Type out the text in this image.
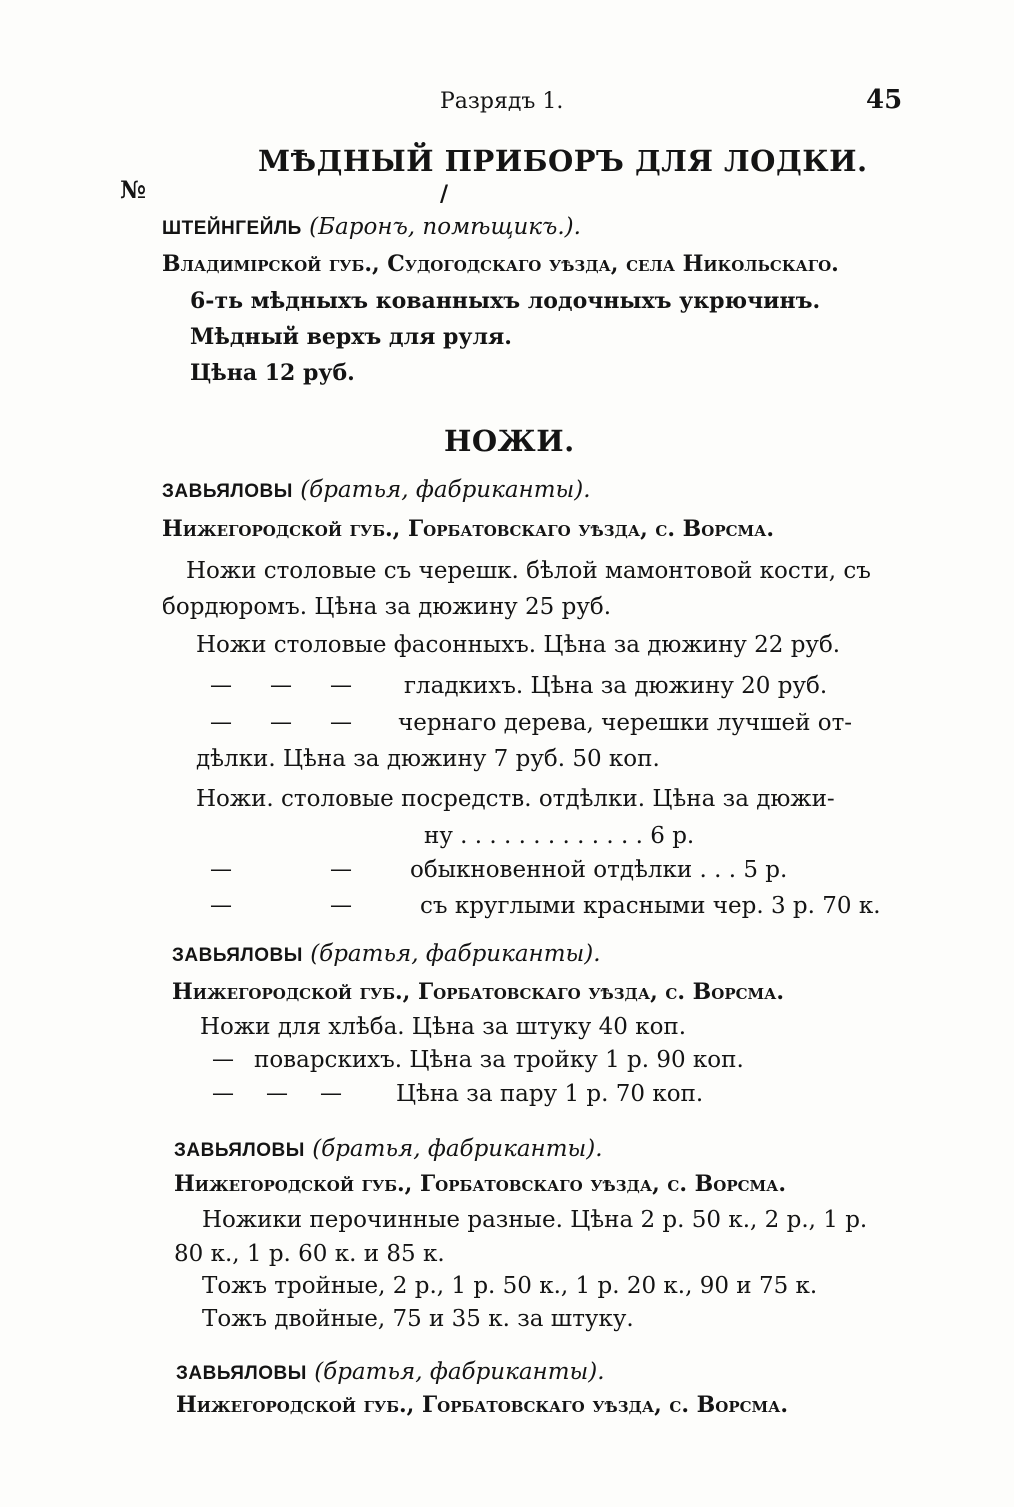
Разрядъ 1.	45
МѢДНЫЙ ПРИБОРЪ ДЛЯ ЛОДКИ.
№	/
ШТЕЙНГЕЙЛЬ (Баронъ, помѣщикъ.).
Владимірской губ., Судогодскаго уѣзда, села Никольскаго.
6-ть мѣдныхъ кованныхъ лодочныхъ укрючинъ.
Мѣдный верхъ для руля.
Цѣна 12 руб.
НОЖИ.
ЗАВЬЯЛОВЫ (братья, фабриканты).
Нижегородской губ., Горбатовскаго уѣзда, с. Ворсма.
Ножи столовые съ черешк. бѣлой мамонтовой кости, съ
бордюромъ. Цѣна за дюжину 25 руб.
Ножи столовые фасонныхъ. Цѣна за дюжину 22 руб.
— — —	гладкихъ. Цѣна за дюжину 20 руб.
— — —	чернаго дерева, черешки лучшей от-
дѣлки. Цѣна за дюжину 7 руб. 50 коп.
Ножи. столовые посредств. отдѣлки. Цѣна за дюжи-
ну . . . . . . . . . . . . . 6 р.
—	—	обыкновенной отдѣлки . . . 5 р.
—	—	съ круглыми красными чер. 3 р. 70 к.
ЗАВЬЯЛОВЫ (братья, фабриканты).
Нижегородской губ., Горбатовскаго уѣзда, с. Ворсма.
Ножи для хлѣба. Цѣна за штуку 40 коп.
— поварскихъ. Цѣна за тройку 1 р. 90 коп.
— — — Цѣна за пару 1 р. 70 коп.
ЗАВЬЯЛОВЫ (братья, фабриканты).
Нижегородской губ., Горбатовскаго уѣзда, с. Ворсма.
Ножики перочинные разные. Цѣна 2 р. 50 к., 2 р., 1 р.
80 к., 1 р. 60 к. и 85 к.
Тожъ тройные, 2 р., 1 р. 50 к., 1 р. 20 к., 90 и 75 к.
Тожъ двойные, 75 и 35 к. за штуку.
ЗАВЬЯЛОВЫ (братья, фабриканты).
Нижегородской губ., Горбатовскаго уѣзда, с. Ворсма.
